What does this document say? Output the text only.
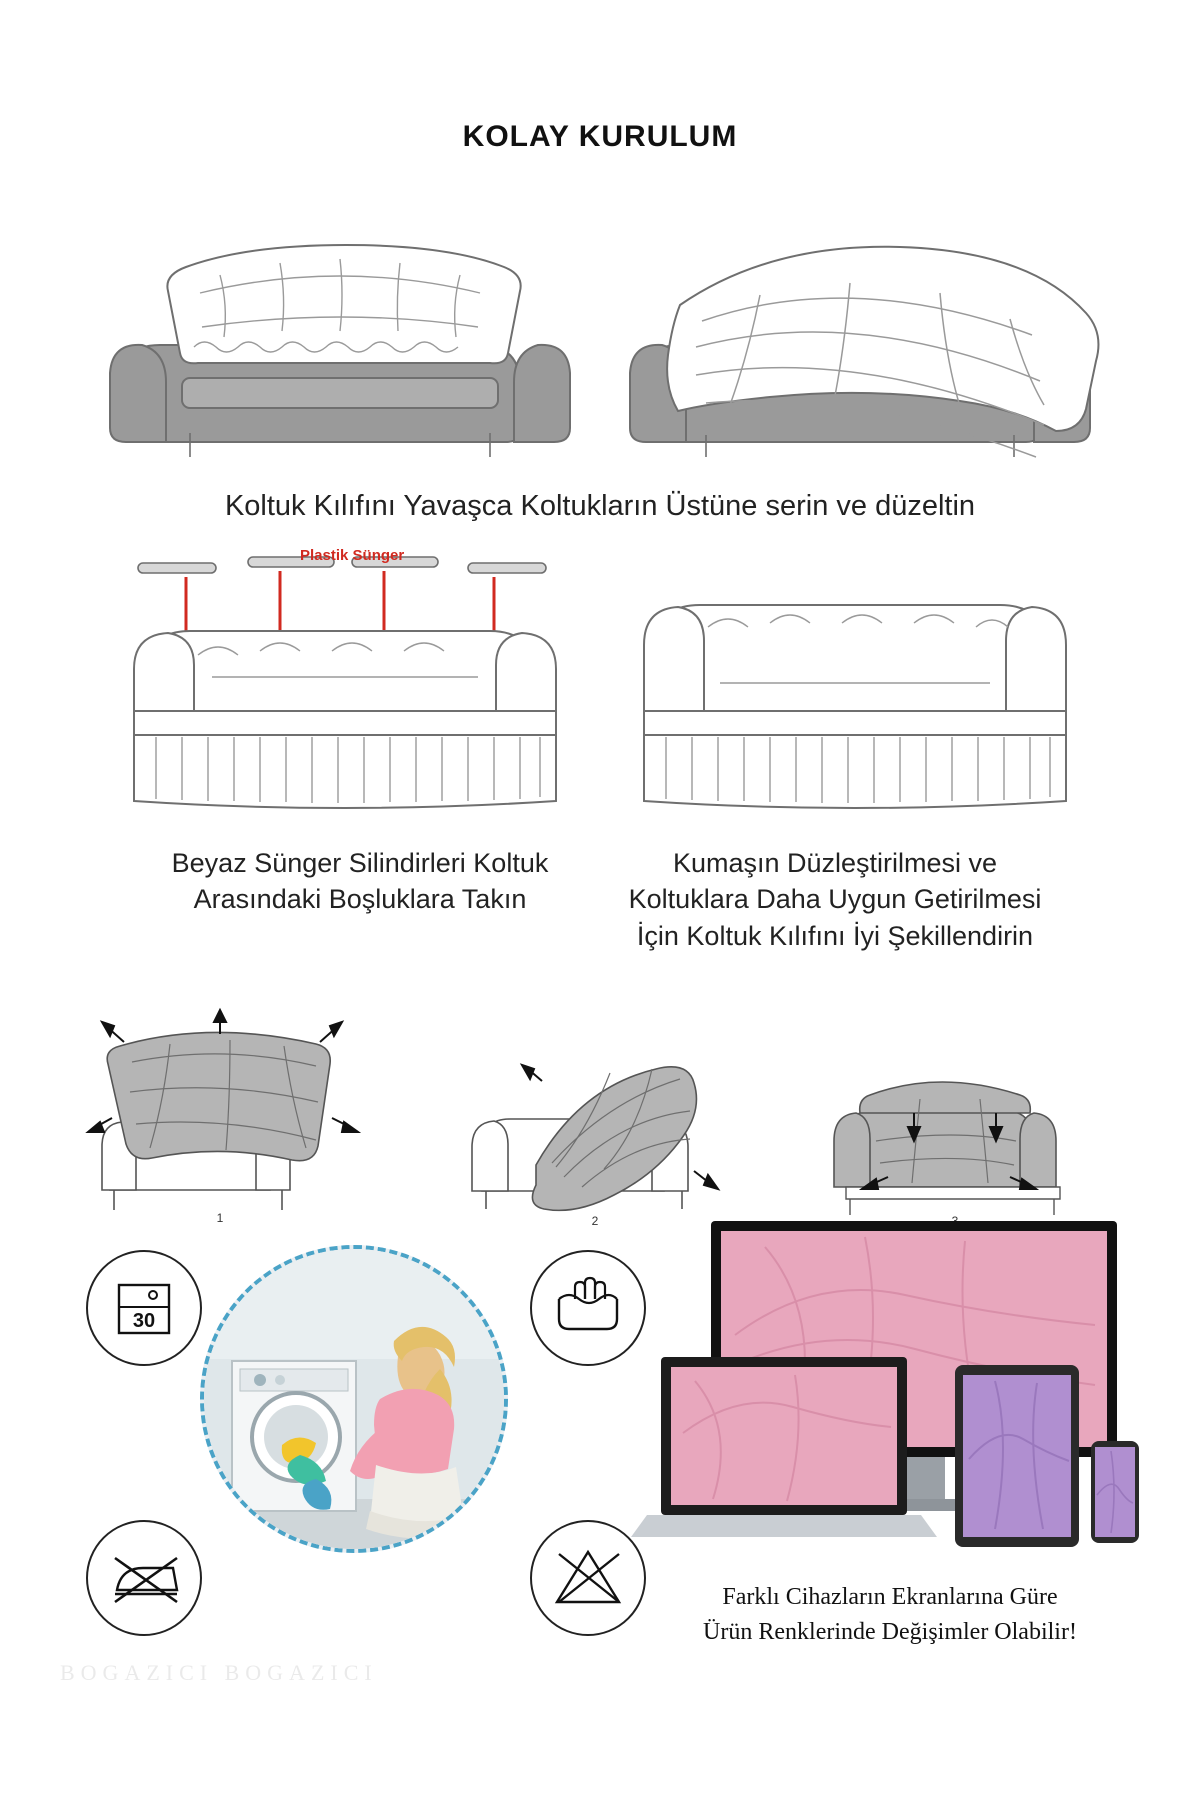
KOLAY KURULUM
Koltuk Kılıfını Yavaşca Koltukların Üstüne serin ve düzeltin
Plastik Sünger
Beyaz Sünger Silindirleri Koltuk Arasındaki Boşluklara Takın
Kumaşın Düzleştirilmesi ve Koltuklara Daha Uygun Getirilmesi İçin Koltuk Kılıfını İyi Şekillendirin
1	2
30
Farklı Cihazların Ekranlarına Güre
Ürün Renklerinde Değişimler Olabilir!
BOGAZICI BOGAZICI
